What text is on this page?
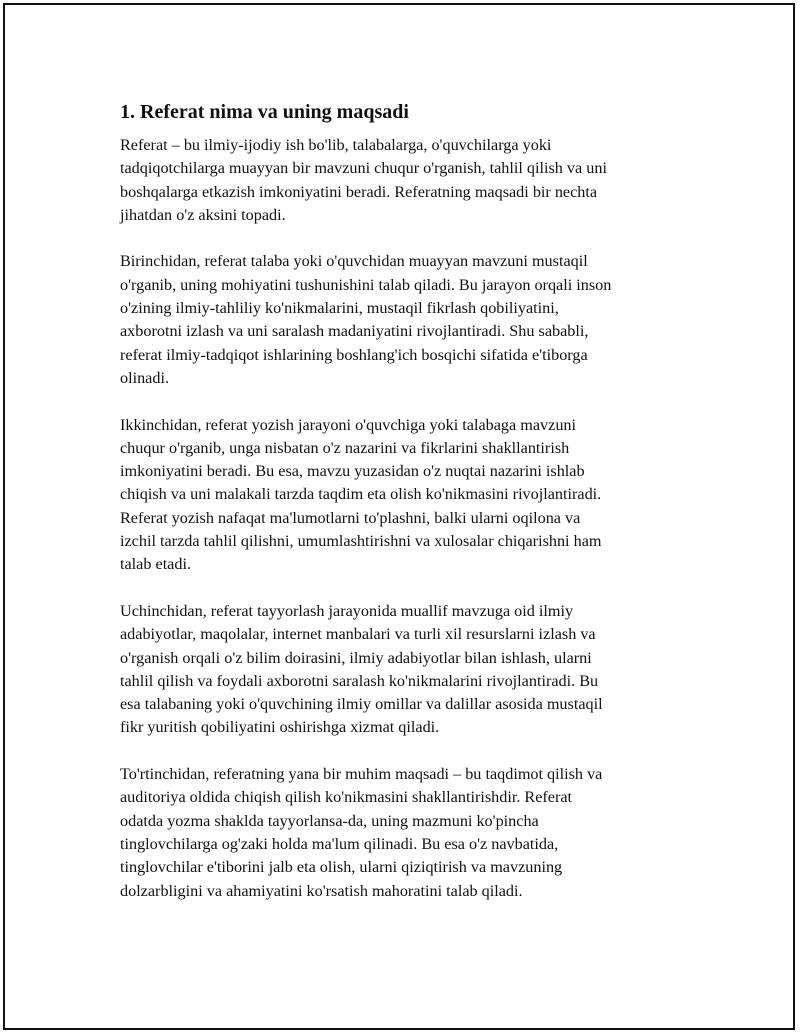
1. Referat nima va uning maqsadi

Referat – bu ilmiy-ijodiy ish bo'lib, talabalarga, o'quvchilarga yoki
tadqiqotchilarga muayyan bir mavzuni chuqur o'rganish, tahlil qilish va uni
boshqalarga etkazish imkoniyatini beradi. Referatning maqsadi bir nechta
jihatdan o'z aksini topadi.

Birinchidan, referat talaba yoki o'quvchidan muayyan mavzuni mustaqil
o'rganib, uning mohiyatini tushunishini talab qiladi. Bu jarayon orqali inson
o'zining ilmiy-tahliliy ko'nikmalarini, mustaqil fikrlash qobiliyatini,
axborotni izlash va uni saralash madaniyatini rivojlantiradi. Shu sababli,
referat ilmiy-tadqiqot ishlarining boshlang'ich bosqichi sifatida e'tiborga
olinadi.

Ikkinchidan, referat yozish jarayoni o'quvchiga yoki talabaga mavzuni
chuqur o'rganib, unga nisbatan o'z nazarini va fikrlarini shakllantirish
imkoniyatini beradi. Bu esa, mavzu yuzasidan o'z nuqtai nazarini ishlab
chiqish va uni malakali tarzda taqdim eta olish ko'nikmasini rivojlantiradi.
Referat yozish nafaqat ma'lumotlarni to'plashni, balki ularni oqilona va
izchil tarzda tahlil qilishni, umumlashtirishni va xulosalar chiqarishni ham
talab etadi.

Uchinchidan, referat tayyorlash jarayonida muallif mavzuga oid ilmiy
adabiyotlar, maqolalar, internet manbalari va turli xil resurslarni izlash va
o'rganish orqali o'z bilim doirasini, ilmiy adabiyotlar bilan ishlash, ularni
tahlil qilish va foydali axborotni saralash ko'nikmalarini rivojlantiradi. Bu
esa talabaning yoki o'quvchining ilmiy omillar va dalillar asosida mustaqil
fikr yuritish qobiliyatini oshirishga xizmat qiladi.

To'rtinchidan, referatning yana bir muhim maqsadi – bu taqdimot qilish va
auditoriya oldida chiqish qilish ko'nikmasini shakllantirishdir. Referat
odatda yozma shaklda tayyorlansa-da, uning mazmuni ko'pincha
tinglovchilarga og'zaki holda ma'lum qilinadi. Bu esa o'z navbatida,
tinglovchilar e'tiborini jalb eta olish, ularni qiziqtirish va mavzuning
dolzarbligini va ahamiyatini ko'rsatish mahoratini talab qiladi.
